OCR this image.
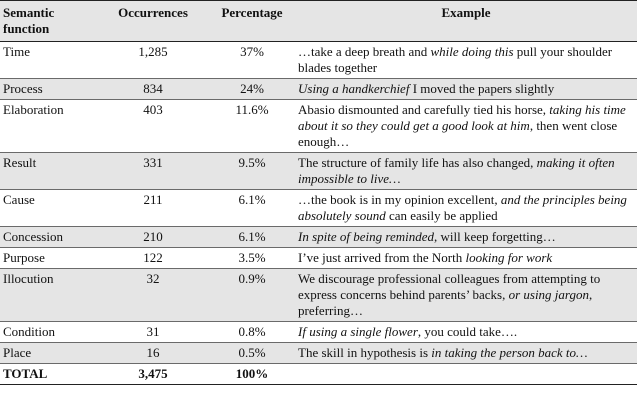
Semantic function	Occurrences	Percentage	Example
Time	1,285	37%	…take a deep breath and while doing this pull your shoulder blades together
Process	834	24%	Using a handkerchief I moved the papers slightly
Elaboration	403	11.6%	Abasio dismounted and carefully tied his horse, taking his time about it so they could get a good look at him, then went close enough…
Result	331	9.5%	The structure of family life has also changed, making it often impossible to live…
Cause	211	6.1%	…the book is in my opinion excellent, and the principles being absolutely sound can easily be applied
Concession	210	6.1%	In spite of being reminded, will keep forgetting…
Purpose	122	3.5%	I’ve just arrived from the North looking for work
Illocution	32	0.9%	We discourage professional colleagues from attempting to express concerns behind parents’ backs, or using jargon, preferring…
Condition	31	0.8%	If using a single flower, you could take….
Place	16	0.5%	The skill in hypothesis is in taking the person back to…
TOTAL	3,475	100%	
